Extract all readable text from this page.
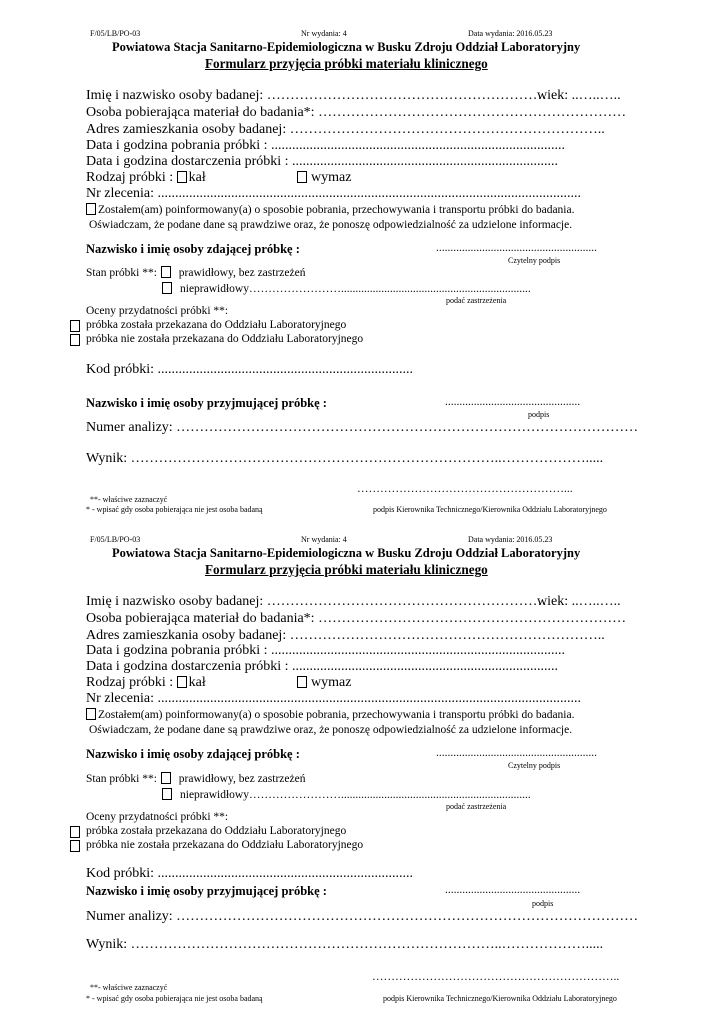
F/05/LB/PO-03	Nr wydania: 4	Data wydania: 2016.05.23
Powiatowa Stacja Sanitarno-Epidemiologiczna w Busku Zdroju Oddział Laboratoryjny
Formularz przyjęcia próbki materiału klinicznego
Imię i nazwisko osoby badanej: ……………………………………………………
wiek: ..…..…..
Osoba pobierająca materiał do badania*: …………………………………………………………
Adres zamieszkania osoby badanej: …………………………………………………………..
Data i godzina pobrania próbki : ....................................................................................
Data i godzina dostarczenia próbki : ............................................................................
Rodzaj próbki : kał	wymaz
Nr zlecenia: .........................................................................................................................
Zostałem(am) poinformowany(a) o sposobie pobrania, przechowywania i transportu próbki do badania.
Oświadczam, że podane dane są prawdziwe oraz, że ponoszę odpowiedzialność za udzielone informacje.
Nazwisko i imię osoby zdającej próbkę :	........................................................
Czytelny podpis
Stan próbki **: prawidłowy, bez zastrzeżeń
nieprawidłowy……………………..................................................................
podać zastrzeżenia
Oceny przydatności próbki **:
próbka została przekazana do Oddziału Laboratoryjnego
próbka nie została przekazana do Oddziału Laboratoryjnego
Kod próbki: .........................................................................
Nazwisko i imię osoby przyjmującej próbkę :	...............................................
podpis
Numer analizy: ………………………………………………………………………………………
Wynik: ……………………………………………………………………..……………….....
………………………………………………...
**- właściwe zaznaczyć
* - wpisać gdy osoba pobierająca nie jest osoba badaną	podpis Kierownika Technicznego/Kierownika Oddziału Laboratoryjnego
F/05/LB/PO-03	Nr wydania: 4	Data wydania: 2016.05.23
Powiatowa Stacja Sanitarno-Epidemiologiczna w Busku Zdroju Oddział Laboratoryjny
Formularz przyjęcia próbki materiału klinicznego
Imię i nazwisko osoby badanej: ……………………………………………………
wiek: ..…..…..
Osoba pobierająca materiał do badania*: …………………………………………………………
Adres zamieszkania osoby badanej: …………………………………………………………..
Data i godzina pobrania próbki : ....................................................................................
Data i godzina dostarczenia próbki : ............................................................................
Rodzaj próbki : kał	wymaz
Nr zlecenia: .........................................................................................................................
Zostałem(am) poinformowany(a) o sposobie pobrania, przechowywania i transportu próbki do badania.
Oświadczam, że podane dane są prawdziwe oraz, że ponoszę odpowiedzialność za udzielone informacje.
Nazwisko i imię osoby zdającej próbkę :	........................................................
Czytelny podpis
Stan próbki **: prawidłowy, bez zastrzeżeń
nieprawidłowy……………………..................................................................
podać zastrzeżenia
Oceny przydatności próbki **:
próbka została przekazana do Oddziału Laboratoryjnego
próbka nie została przekazana do Oddziału Laboratoryjnego
Kod próbki: .........................................................................
Nazwisko i imię osoby przyjmującej próbkę :	...............................................
podpis
Numer analizy: ………………………………………………………………………………………
Wynik: ……………………………………………………………………..……………….....
………………………………………………………..
**- właściwe zaznaczyć
* - wpisać gdy osoba pobierająca nie jest osoba badaną	podpis Kierownika Technicznego/Kierownika Oddziału Laboratoryjnego
